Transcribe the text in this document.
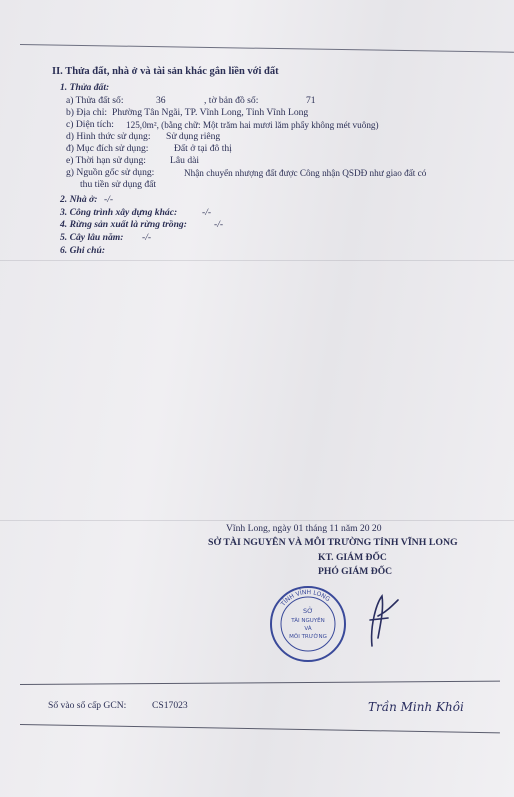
II. Thửa đất, nhà ở và tài sản khác gắn liền với đất
1. Thửa đất:
a) Thửa đất số:	36	, tờ bản đồ số:	71
b) Địa chỉ: Phường Tân Ngãi, TP. Vĩnh Long, Tỉnh Vĩnh Long
c) Diện tích: 125,0m², (bằng chữ: Một trăm hai mươi lăm phẩy không mét vuông)
d) Hình thức sử dụng: Sử dụng riêng
đ) Mục đích sử dụng:	Đất ở tại đô thị
e) Thời hạn sử dụng:	Lâu dài
g) Nguồn gốc sử dụng:	Nhận chuyển nhượng đất được Công nhận QSDĐ như giao đất có
thu tiền sử dụng đất
2. Nhà ở: -/-
3. Công trình xây dựng khác:	-/-
4. Rừng sản xuất là rừng trồng:	-/-
5. Cây lâu năm: -/-
6. Ghi chú:
Vĩnh Long, ngày 01 tháng 11 năm 20 20
SỞ TÀI NGUYÊN VÀ MÔI TRƯỜNG TỈNH VĨNH LONG
KT. GIÁM ĐỐC
PHÓ GIÁM ĐỐC
TỈNH VĨNH LONG
SỞ
TÀI NGUYÊN
VÀ
MÔI TRƯỜNG
Số vào sổ cấp GCN:	CS17023	Trần Minh Khôi
